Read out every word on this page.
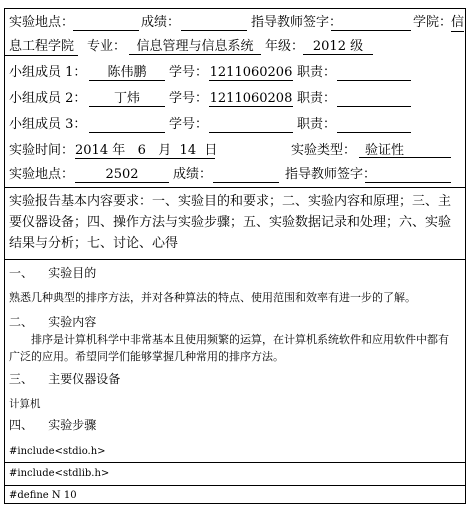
实验地点：	成绩：	指导教师签字：	学院：
信
息工程学院 专业： 信息管理与信息系统 年级： 2012 级
小组成员 1：	陈伟鹏	学号： 1211060206 职责：
小组成员 2：	丁炜	学号： 1211060208 职责：
小组成员 3：	学号：	职责：
实验时间： 2014 年   6   月  14  日	实验类型： 验证性
实验地点：	2502	成绩：	指导教师签字：
实验报告基本内容要求：一、实验目的和要求；二、实验内容和原理；三、主要仪器设备；四、操作方法与实验步骤；五、实验数据记录和处理；六、实验结果与分析；七、讨论、心得
一、    实验目的
熟悉几种典型的排序方法，并对各种算法的特点、使用范围和效率有进一步的了解。
二、    实验内容
排序是计算机科学中非常基本且使用频繁的运算，在计算机系统软件和应用软件中都有广泛的应用。希望同学们能够掌握几种常用的排序方法。
三、    主要仪器设备
计算机
四、    实验步骤
#include<stdio.h>
#include<stdlib.h>
#define N 10
